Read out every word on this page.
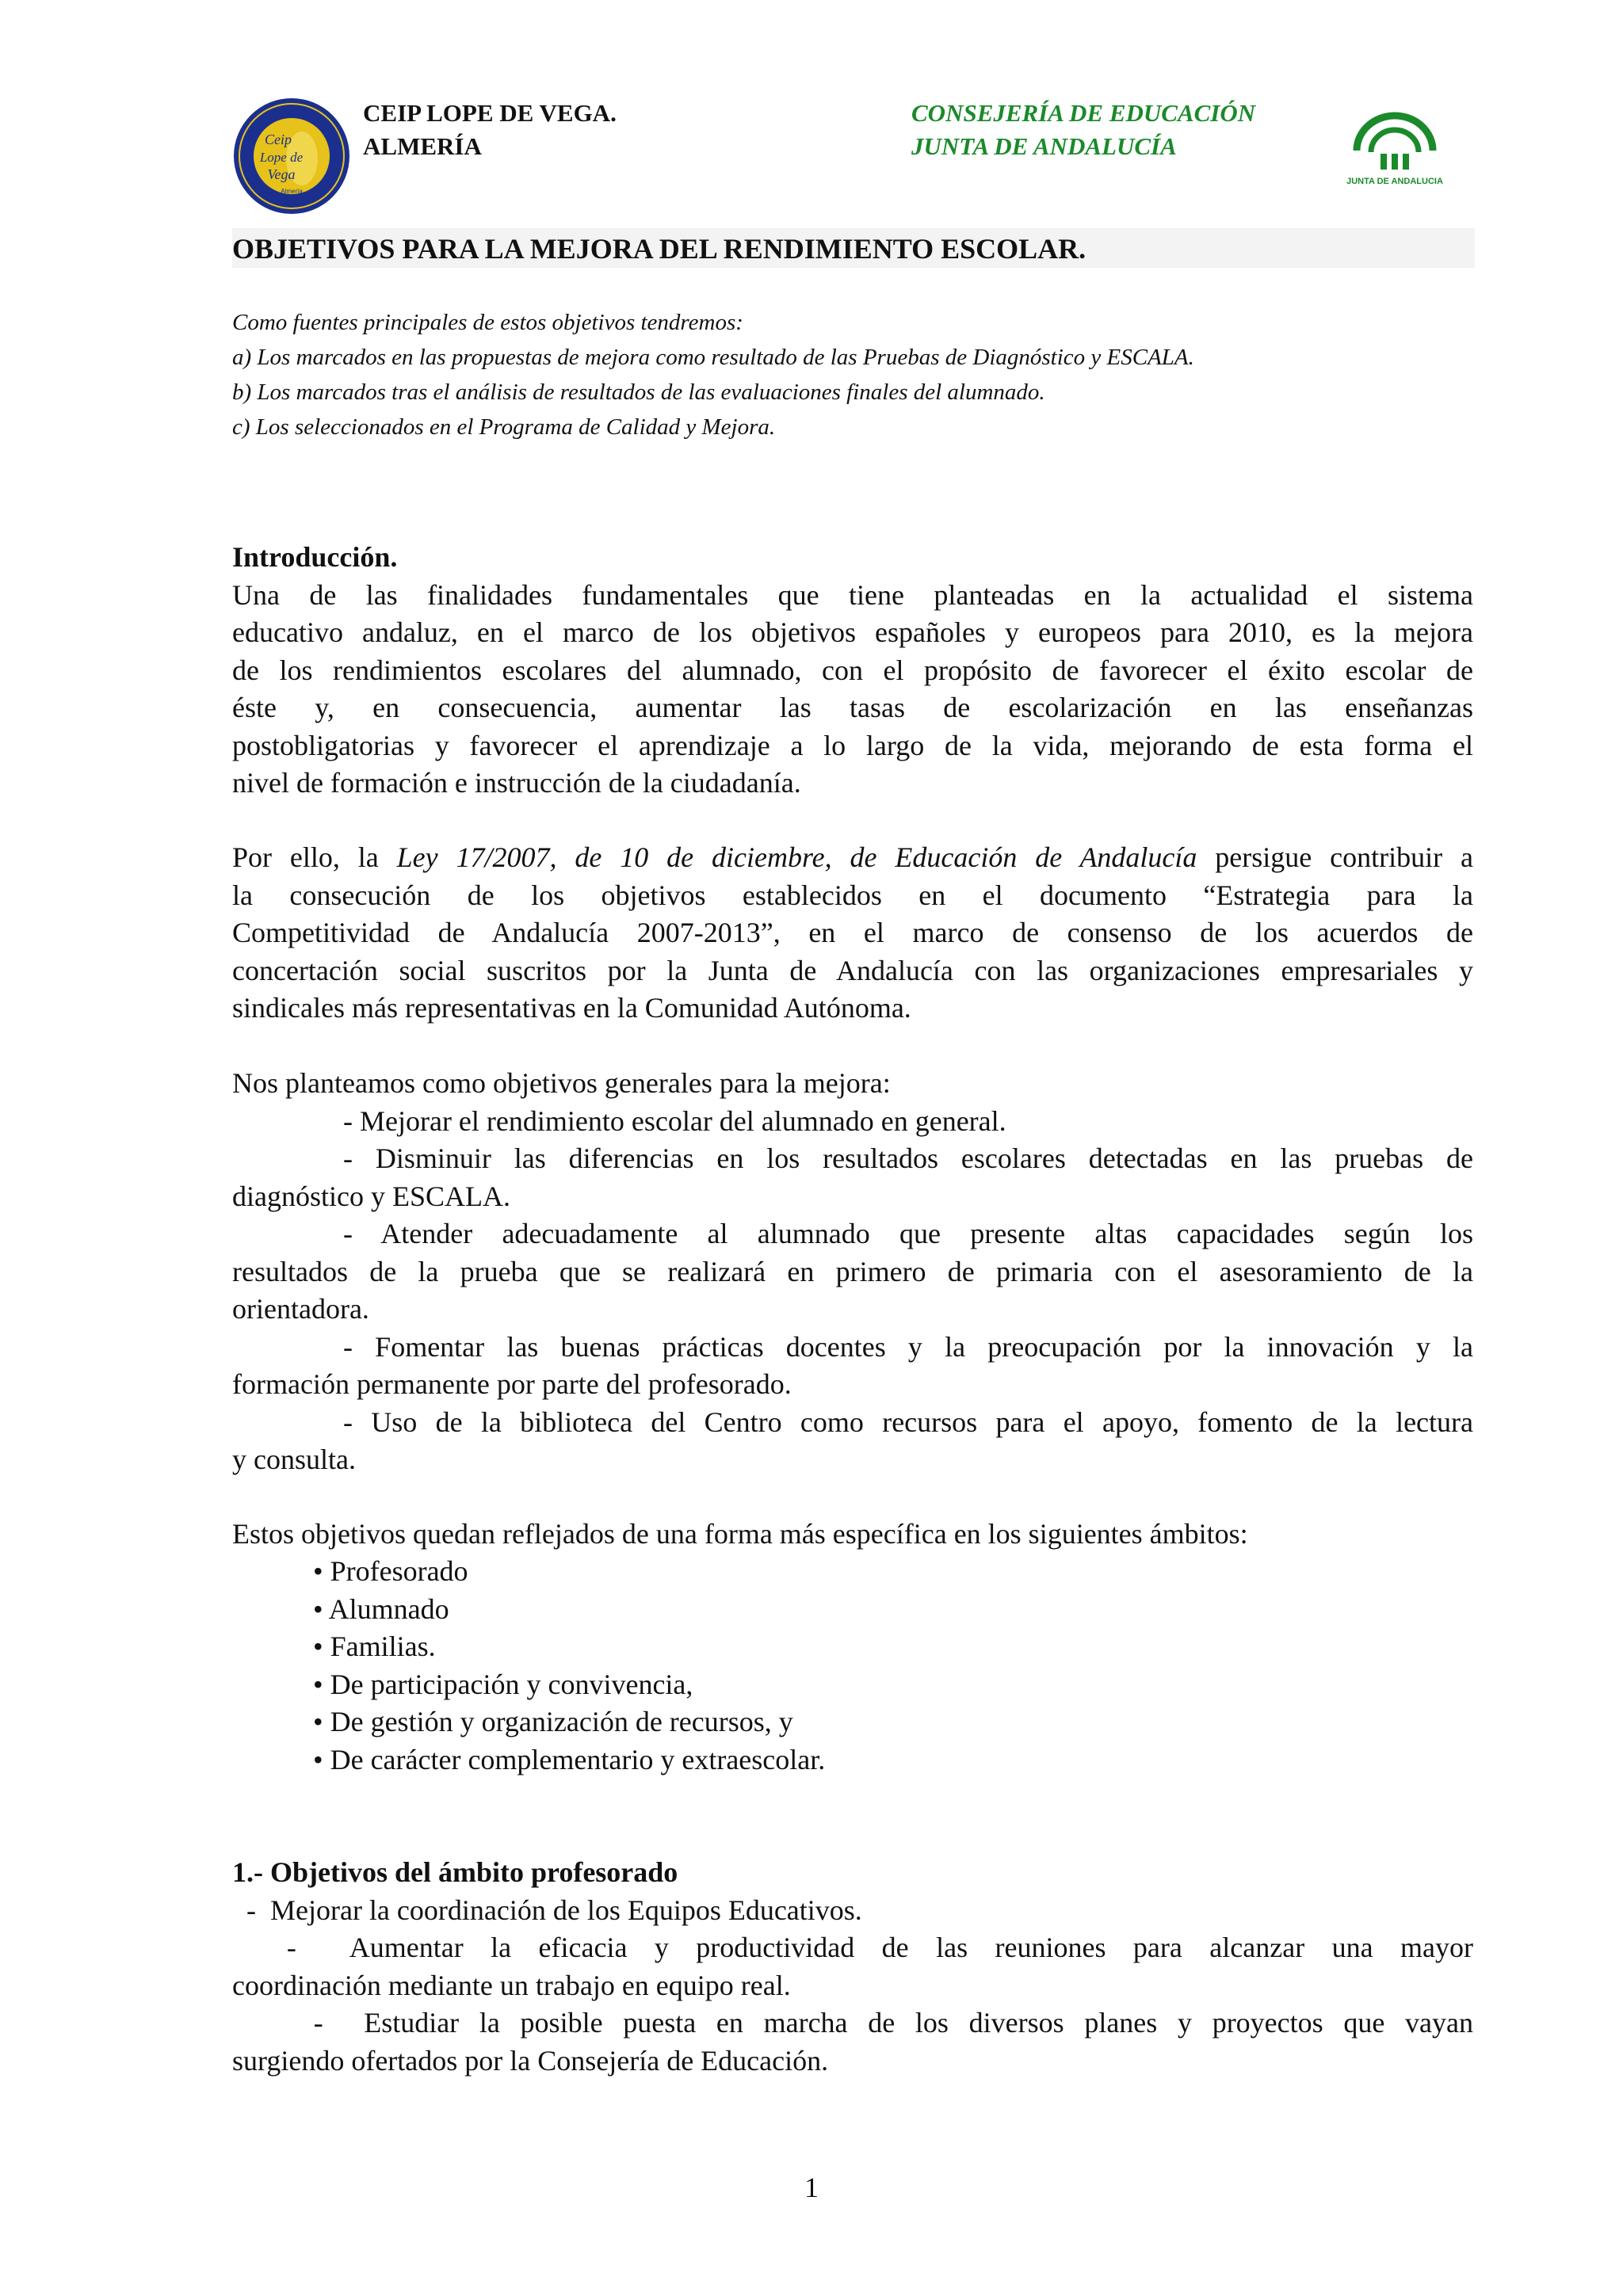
Ceip
Lope de
Vega
Almería
CEIP LOPE DE VEGA.
ALMERÍA
CONSEJERÍA DE EDUCACIÓN
JUNTA DE ANDALUCÍA
JUNTA DE ANDALUCIA
OBJETIVOS PARA LA MEJORA DEL RENDIMIENTO ESCOLAR.
Como fuentes principales de estos objetivos tendremos:
a) Los marcados en las propuestas de mejora como resultado de las Pruebas de Diagnóstico y ESCALA.
b) Los marcados tras el análisis de resultados de las evaluaciones finales del alumnado.
c) Los seleccionados en el Programa de Calidad y Mejora.
Introducción.
Una de las finalidades fundamentales que tiene planteadas en la actualidad el sistema
educativo andaluz, en el marco de los objetivos españoles y europeos para 2010, es la mejora
de los rendimientos escolares del alumnado, con el propósito de favorecer el éxito escolar de
éste y, en consecuencia, aumentar las tasas de escolarización en las enseñanzas
postobligatorias y favorecer el aprendizaje a lo largo de la vida, mejorando de esta forma el
nivel de formación e instrucción de la ciudadanía.
Por ello, la Ley 17/2007, de 10 de diciembre, de Educación de Andalucía persigue contribuir a
la consecución de los objetivos establecidos en el documento “Estrategia para la
Competitividad de Andalucía 2007-2013”, en el marco de consenso de los acuerdos de
concertación social suscritos por la Junta de Andalucía con las organizaciones empresariales y
sindicales más representativas en la Comunidad Autónoma.
Nos planteamos como objetivos generales para la mejora:
- Mejorar el rendimiento escolar del alumnado en general.
- Disminuir las diferencias en los resultados escolares detectadas en las pruebas de
diagnóstico y ESCALA.
- Atender adecuadamente al alumnado que presente altas capacidades según los
resultados de la prueba que se realizará en primero de primaria con el asesoramiento de la
orientadora.
- Fomentar las buenas prácticas docentes y la preocupación por la innovación y la
formación permanente por parte del profesorado.
- Uso de la biblioteca del Centro como recursos para el apoyo, fomento de la lectura
y consulta.
Estos objetivos quedan reflejados de una forma más específica en los siguientes ámbitos:
• Profesorado
• Alumnado
• Familias.
• De participación y convivencia,
• De gestión y organización de recursos, y
• De carácter complementario y extraescolar.
1.- Objetivos del ámbito profesorado
-  Mejorar la coordinación de los Equipos Educativos.
-  Aumentar la eficacia y productividad de las reuniones para alcanzar una mayor
coordinación mediante un trabajo en equipo real.
-  Estudiar la posible puesta en marcha de los diversos planes y proyectos que vayan
surgiendo ofertados por la Consejería de Educación.
1
